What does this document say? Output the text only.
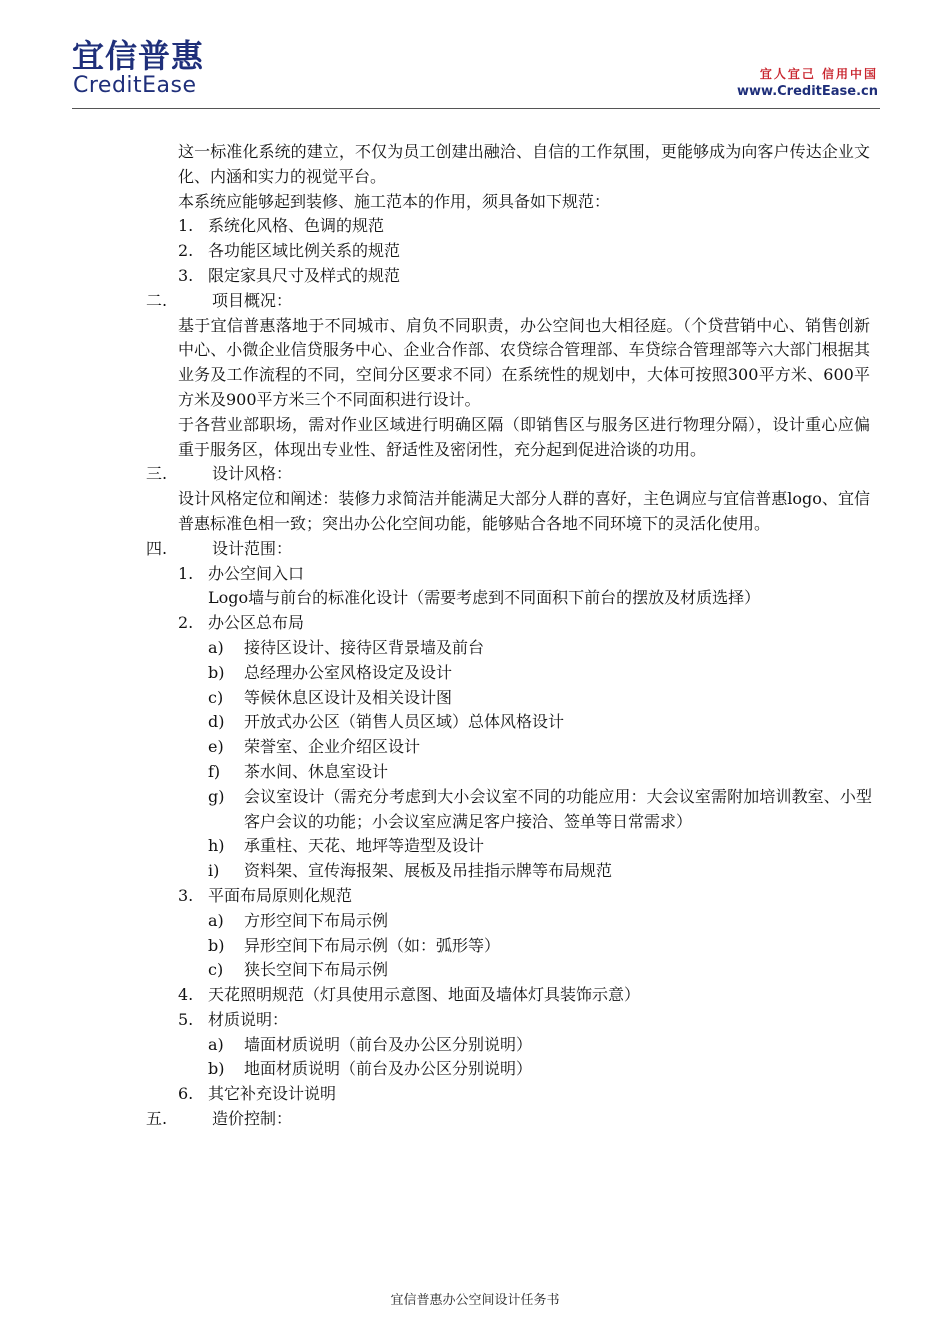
宜信普惠
CreditEase	宜人宜己 信用中国
www.CreditEase.cn

这一标准化系统的建立，不仅为员工创建出融洽、自信的工作氛围，更能够成为向客户传达企业文化、内涵和实力的视觉平台。

本系统应能够起到装修、施工范本的作用，须具备如下规范：

1. 系统化风格、色调的规范

2. 各功能区域比例关系的规范

3. 限定家具尺寸及样式的规范

二.	项目概况：

基于宜信普惠落地于不同城市、肩负不同职责，办公空间也大相径庭。（个贷营销中心、销售创新中心、小微企业信贷服务中心、企业合作部、农贷综合管理部、车贷综合管理部等六大部门根据其业务及工作流程的不同，空间分区要求不同）在系统性的规划中，大体可按照300平方米、600平方米及900平方米三个不同面积进行设计。

于各营业部职场，需对作业区域进行明确区隔（即销售区与服务区进行物理分隔），设计重心应偏重于服务区，体现出专业性、舒适性及密闭性，充分起到促进洽谈的功用。

三.	设计风格：

设计风格定位和阐述：装修力求简洁并能满足大部分人群的喜好，主色调应与宜信普惠logo、宜信普惠标准色相一致；突出办公化空间功能，能够贴合各地不同环境下的灵活化使用。

四.	设计范围：

1. 办公空间入口

Logo墙与前台的标准化设计（需要考虑到不同面积下前台的摆放及材质选择）

2. 办公区总布局

a) 接待区设计、接待区背景墙及前台

b) 总经理办公室风格设定及设计

c) 等候休息区设计及相关设计图

d) 开放式办公区（销售人员区域）总体风格设计

e) 荣誉室、企业介绍区设计

f) 茶水间、休息室设计

g)	会议室设计（需充分考虑到大小会议室不同的功能应用：大会议室需附加培训教室、小型客户会议的功能；小会议室应满足客户接洽、签单等日常需求）

h) 承重柱、天花、地坪等造型及设计

i) 资料架、宣传海报架、展板及吊挂指示牌等布局规范

3. 平面布局原则化规范

a) 方形空间下布局示例

b) 异形空间下布局示例（如：弧形等）

c) 狭长空间下布局示例

4. 天花照明规范（灯具使用示意图、地面及墙体灯具装饰示意）

5. 材质说明：

a) 墙面材质说明（前台及办公区分别说明）

b) 地面材质说明（前台及办公区分别说明）

6. 其它补充设计说明

五.	造价控制：

宜信普惠办公空间设计任务书
